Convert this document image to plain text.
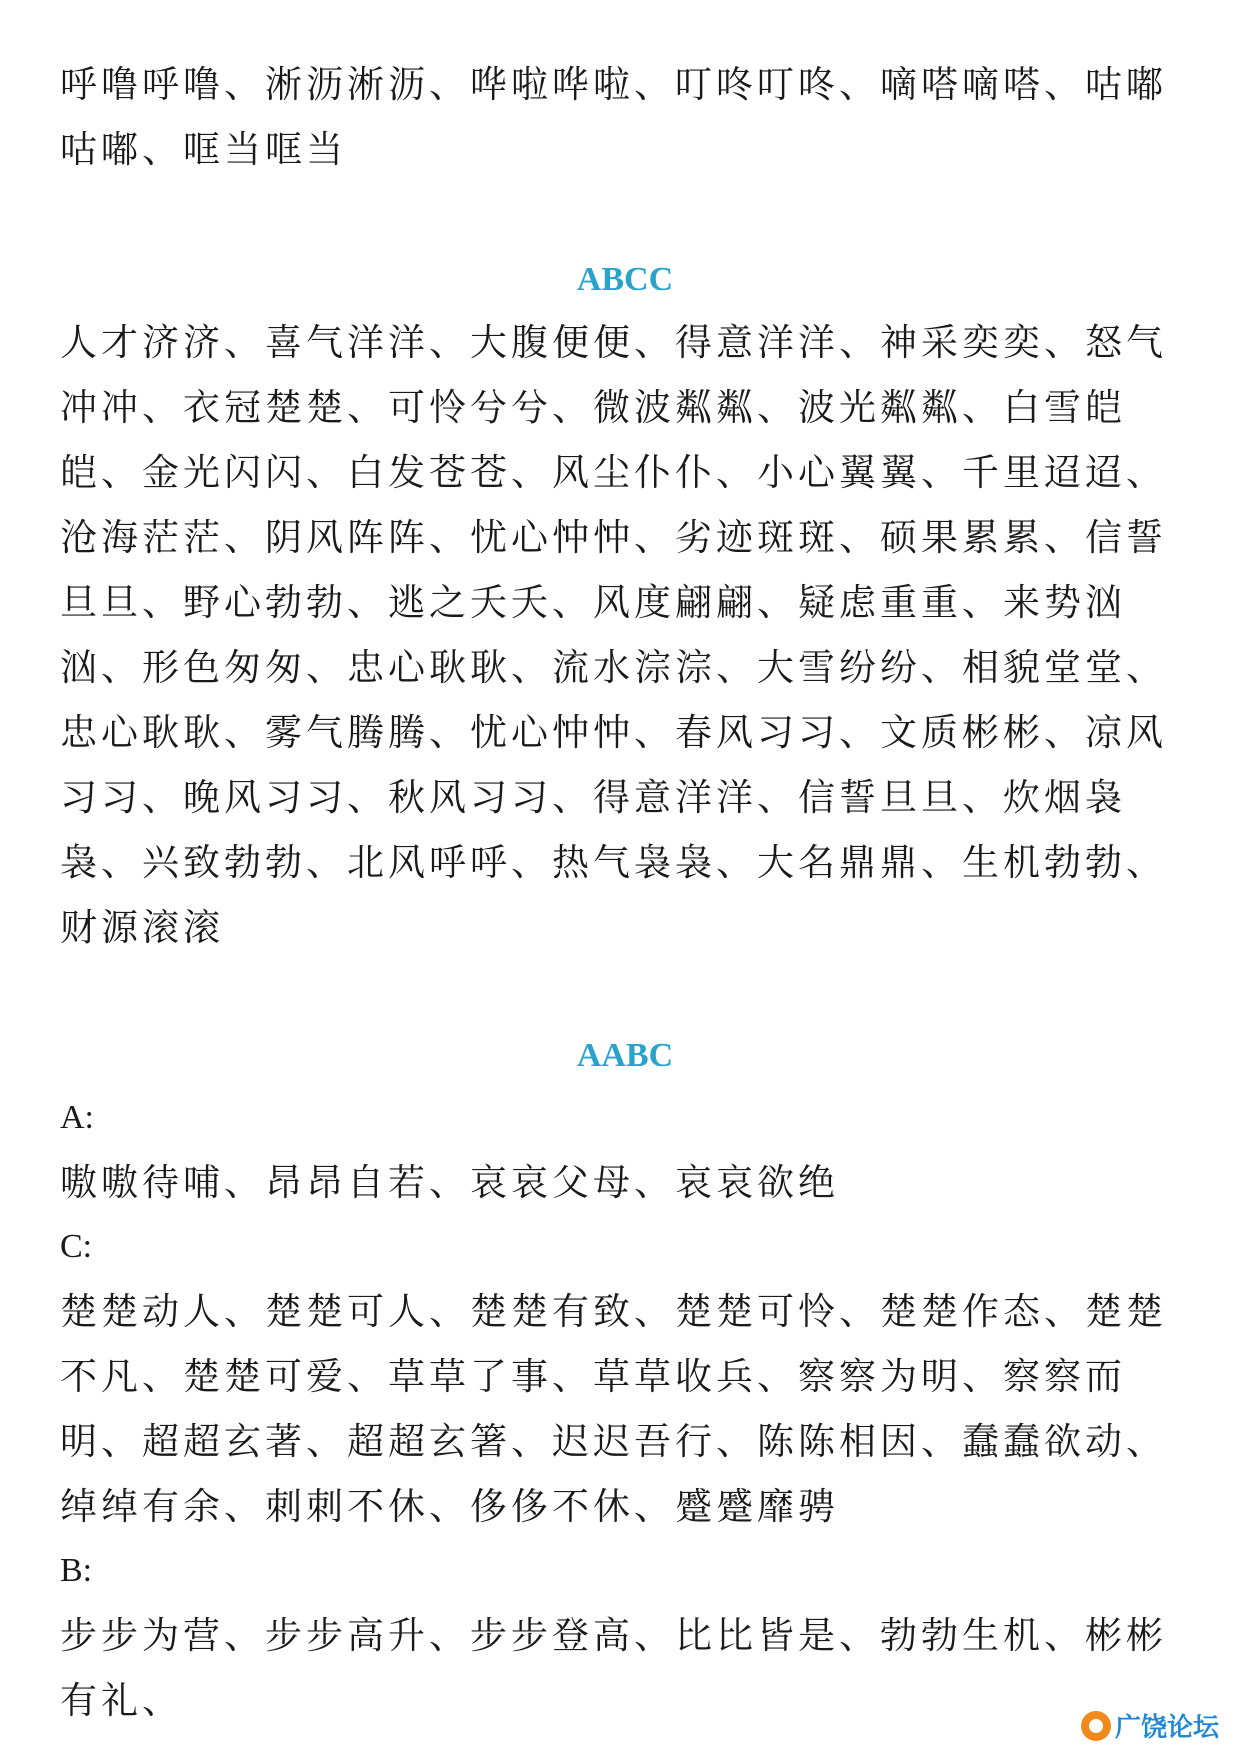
呼噜呼噜、淅沥淅沥、哗啦哗啦、叮咚叮咚、嘀嗒嘀嗒、咕嘟咕嘟、哐当哐当

ABCC

人才济济、喜气洋洋、大腹便便、得意洋洋、神采奕奕、怒气冲冲、衣冠楚楚、可怜兮兮、微波粼粼、波光粼粼、白雪皑皑、金光闪闪、白发苍苍、风尘仆仆、小心翼翼、千里迢迢、沧海茫茫、阴风阵阵、忧心忡忡、劣迹斑斑、硕果累累、信誓旦旦、野心勃勃、逃之夭夭、风度翩翩、疑虑重重、来势汹汹、形色匆匆、忠心耿耿、流水淙淙、大雪纷纷、相貌堂堂、忠心耿耿、雾气腾腾、忧心忡忡、春风习习、文质彬彬、凉风习习、晚风习习、秋风习习、得意洋洋、信誓旦旦、炊烟袅袅、兴致勃勃、北风呼呼、热气袅袅、大名鼎鼎、生机勃勃、财源滚滚

AABC

A:

嗷嗷待哺、昂昂自若、哀哀父母、哀哀欲绝

C:

楚楚动人、楚楚可人、楚楚有致、楚楚可怜、楚楚作态、楚楚不凡、楚楚可爱、草草了事、草草收兵、察察为明、察察而明、超超玄著、超超玄箸、迟迟吾行、陈陈相因、蠢蠢欲动、绰绰有余、刺刺不休、侈侈不休、蹙蹙靡骋

B:

步步为营、步步高升、步步登高、比比皆是、勃勃生机、彬彬有礼、

广饶论坛
